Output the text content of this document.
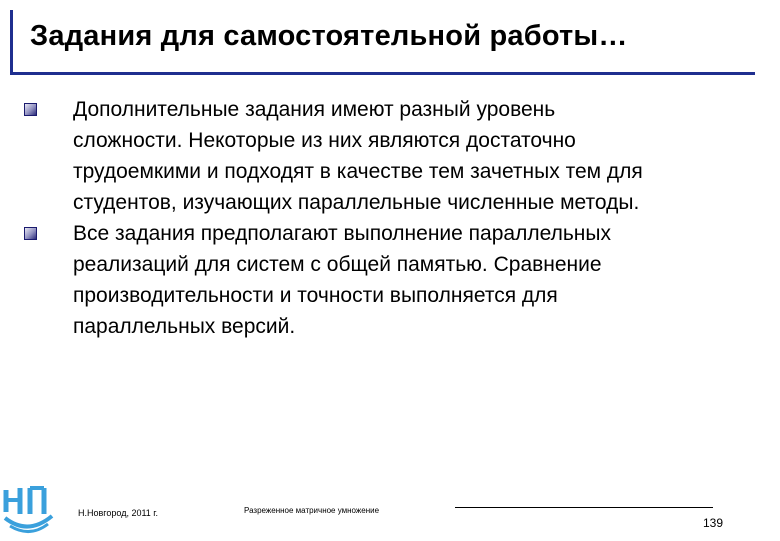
Задания для самостоятельной работы…
Дополнительные задания имеют разный уровень
сложности. Некоторые из них являются достаточно
трудоемкими и подходят в качестве тем зачетных тем для
студентов, изучающих параллельные численные методы.
Все задания предполагают выполнение параллельных
реализаций для систем с общей памятью. Сравнение
производительности и точности выполняется для
параллельных версий.
Н.Новгород, 2011 г.	Разреженное матричное умножение
139
